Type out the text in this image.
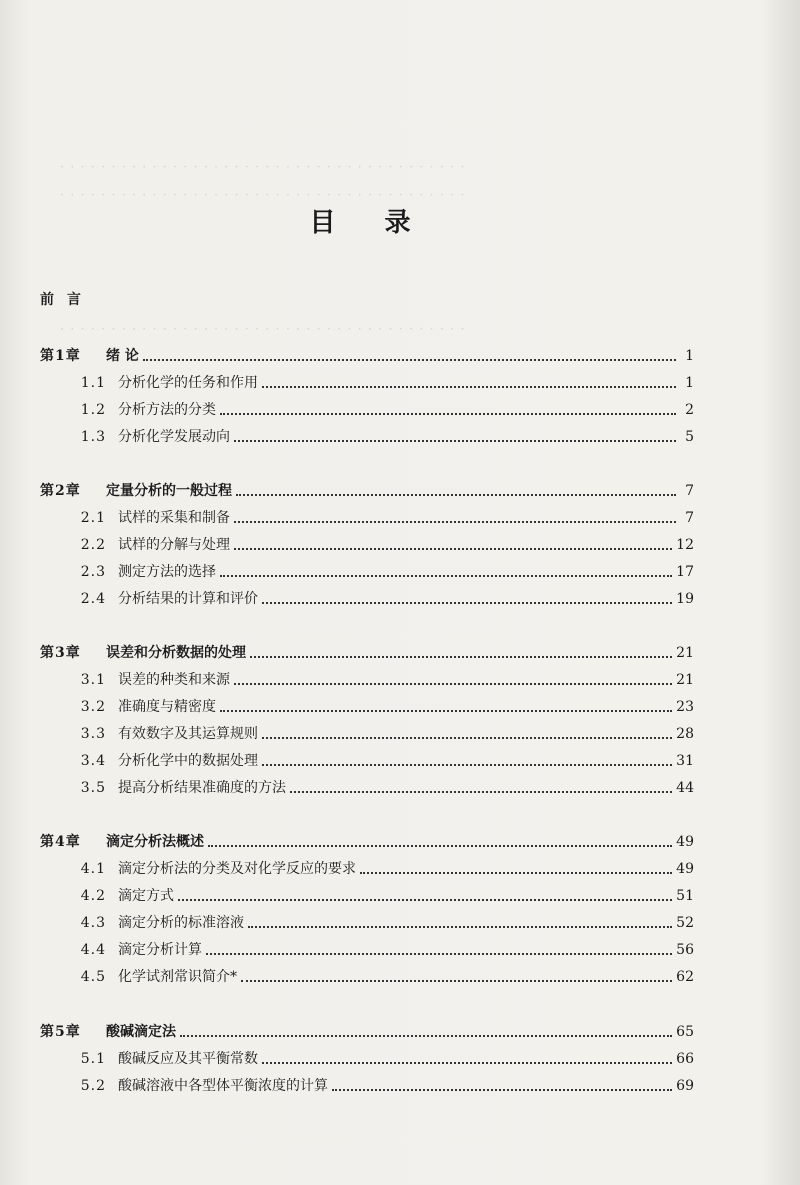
· · · · · · · · · · · · · · · · · · · · · · · · · · · · · · · · · · · · · · · ·
· · · · · · · · · · · · · · · · · · · · · · · · · · · · · · · · · · · · · · · ·
· · · · · · · · · · · · · · · · · · · · · · · · · · · · · · · · · · · · · · · ·
目 录
前 言
第1章	绪 论	1
1.1 分析化学的任务和作用	1
1.2 分析方法的分类	2
1.3 分析化学发展动向	5
第2章	定量分析的一般过程	7
2.1 试样的采集和制备	7
2.2 试样的分解与处理	12
2.3 测定方法的选择	17
2.4 分析结果的计算和评价	19
第3章	误差和分析数据的处理	21
3.1 误差的种类和来源	21
3.2 准确度与精密度	23
3.3 有效数字及其运算规则	28
3.4 分析化学中的数据处理	31
3.5 提高分析结果准确度的方法	44
第4章	滴定分析法概述	49
4.1 滴定分析法的分类及对化学反应的要求	49
4.2 滴定方式	51
4.3 滴定分析的标准溶液	52
4.4 滴定分析计算	56
4.5 化学试剂常识简介*	62
第5章	酸碱滴定法	65
5.1 酸碱反应及其平衡常数	66
5.2 酸碱溶液中各型体平衡浓度的计算	69
